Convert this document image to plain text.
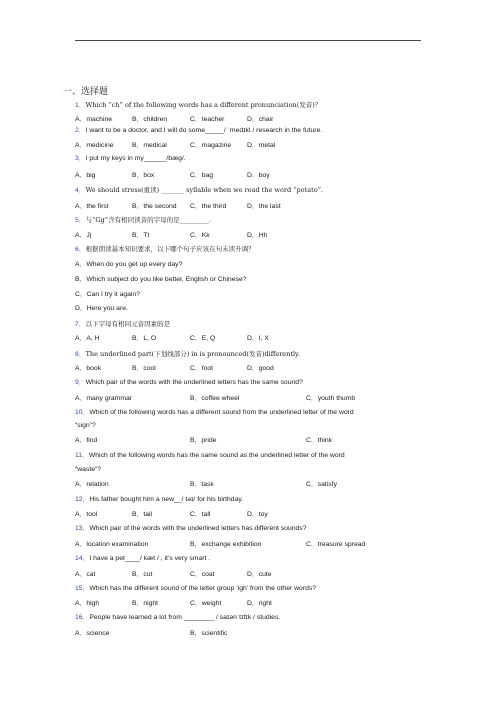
一、选择题
1．Which “ch” of the following words has a different pronunciation(发音)？
A．machine	B．children	C．teacher	D．chair
2．I want to be a doctor, and I will do some_____/ ˈmedɪkl / research in the future.
A．medicine	B．medical	C．magazine D．metal
3．I put my keys in my______/bæg/.
A．big	B．box	C．bag	D．boy
4．We should stress(重读) _______ syllable when we read the word “potato”.
A．the first	B．the second C．the third	D．the last
5．与“Gg”含有相同读音的字母的是_________.
A．Jj	B．Tt	C．Kk	D．Hh
6．根据朗读基本知识要求，以下哪个句子应该在句末读升调？
A．When do you get up every day?
B．Which subject do you like better, English or Chinese?
C．Can I try it again?
D．Here you are.
7．以下字母有相同元音因素的是
A．A, H	B．L, O	C．E, Q	D．I, X
8．The underlined part(下划线部分) in is pronounced(发音)differently.
A．book	B．cool	C．foot	D．good
9．Which pair of the words with the underlined letters has the same sound?
A．many grammar	B．coffee wheel	C．youth thumb
10．Which of the following words has a different sound from the underlined letter of the word
“sign”?
A．find	B．pride	C．think
11．Which of the following words has the same sound as the underlined letter of the word
“waste”?
A．relation	B．task	C．satisfy
12．His father bought him a new__/ təɪ/ for his birthday.
A．tool	B．tail	C．tall	D．toy
13．Which pair of the words with the underlined letters has different sounds?
A．location examination	B．exchange exhibition	C．treasure spread
14．I have a pet____/ kæt / , it’s very smart .
A．cat	B．cut	C．coat	D．cute
15．Which has the different sound of the letter group ‘igh’ from the other words?
A．high	B．night	C．weight	D．right
16．People have learned a lot from ________ / saɪənˈtɪfɪk / studies.
A．science	B．scientific
